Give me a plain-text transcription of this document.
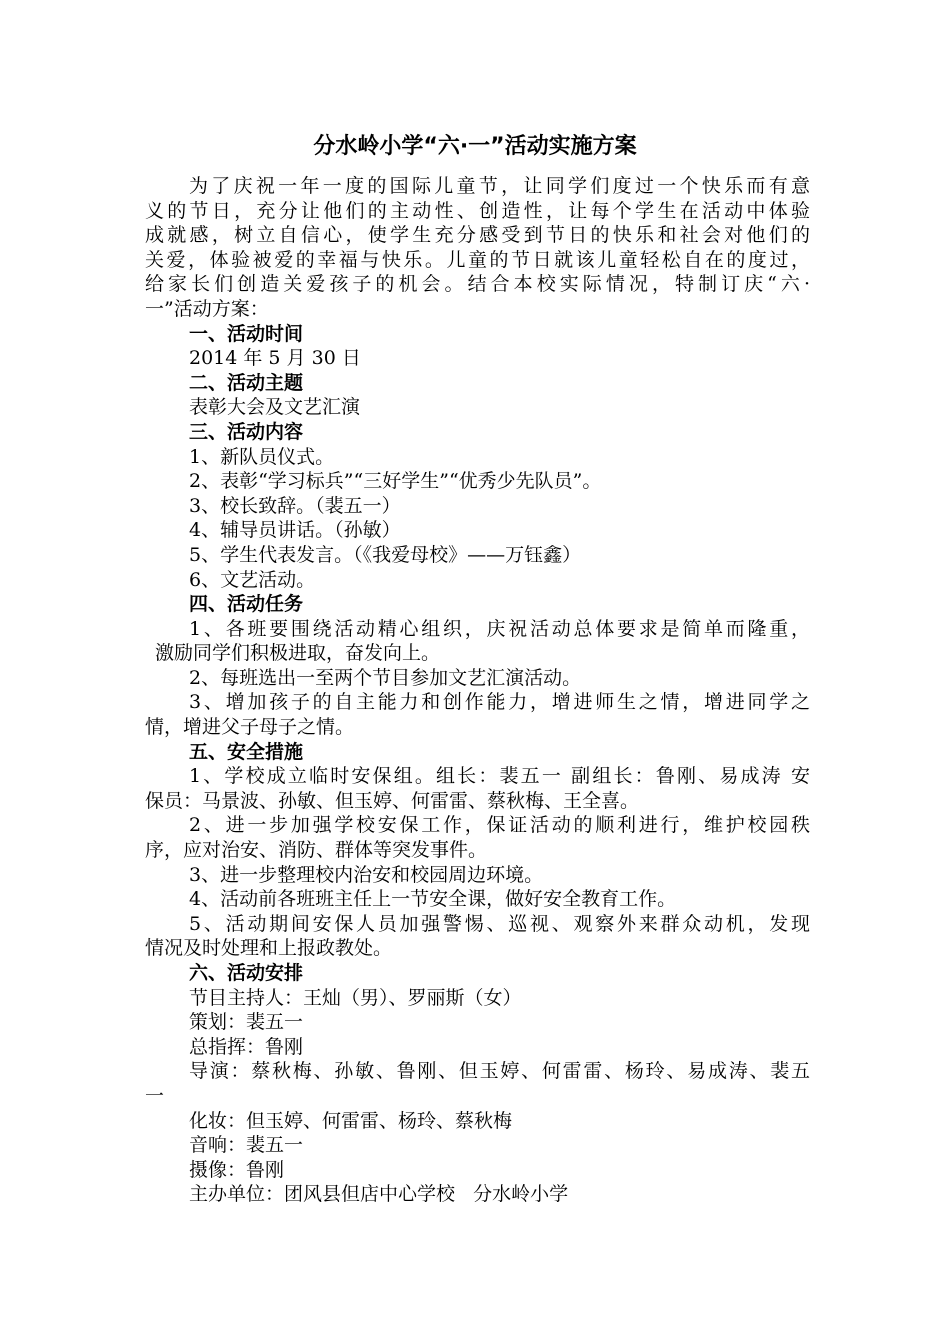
分水岭小学“六·一”活动实施方案
为了庆祝一年一度的国际儿童节，让同学们度过一个快乐而有意
义的节日，充分让他们的主动性、创造性，让每个学生在活动中体验
成就感，树立自信心，使学生充分感受到节日的快乐和社会对他们的
关爱，体验被爱的幸福与快乐。儿童的节日就该儿童轻松自在的度过，
给家长们创造关爱孩子的机会。结合本校实际情况，特制订庆“六·
一”活动方案：
一、活动时间
2014 年 5 月 30 日
二、活动主题
表彰大会及文艺汇演
三、活动内容
1、新队员仪式。
2、表彰“学习标兵”“三好学生”“优秀少先队员”。
3、校长致辞。（裴五一）
4、辅导员讲话。（孙敏）
5、学生代表发言。（《我爱母校》——万钰鑫）
6、文艺活动。
四、活动任务
1、各班要围绕活动精心组织，庆祝活动总体要求是简单而隆重，
激励同学们积极进取，奋发向上。
2、每班选出一至两个节目参加文艺汇演活动。
3、增加孩子的自主能力和创作能力，增进师生之情，增进同学之
情，增进父子母子之情。
五、安全措施
1、学校成立临时安保组。组长：裴五一 副组长：鲁刚、易成涛 安
保员：马景波、孙敏、但玉婷、何雷雷、蔡秋梅、王全喜。
2、进一步加强学校安保工作，保证活动的顺利进行，维护校园秩
序，应对治安、消防、群体等突发事件。
3、进一步整理校内治安和校园周边环境。
4、活动前各班班主任上一节安全课，做好安全教育工作。
5、活动期间安保人员加强警惕、巡视、观察外来群众动机，发现
情况及时处理和上报政教处。
六、活动安排
节目主持人：王灿（男）、罗丽斯（女）
策划：裴五一
总指挥：鲁刚
导演：蔡秋梅、孙敏、鲁刚、但玉婷、何雷雷、杨玲、易成涛、裴五
一
化妆：但玉婷、何雷雷、杨玲、蔡秋梅
音响：裴五一
摄像：鲁刚
主办单位：团风县但店中心学校   分水岭小学
